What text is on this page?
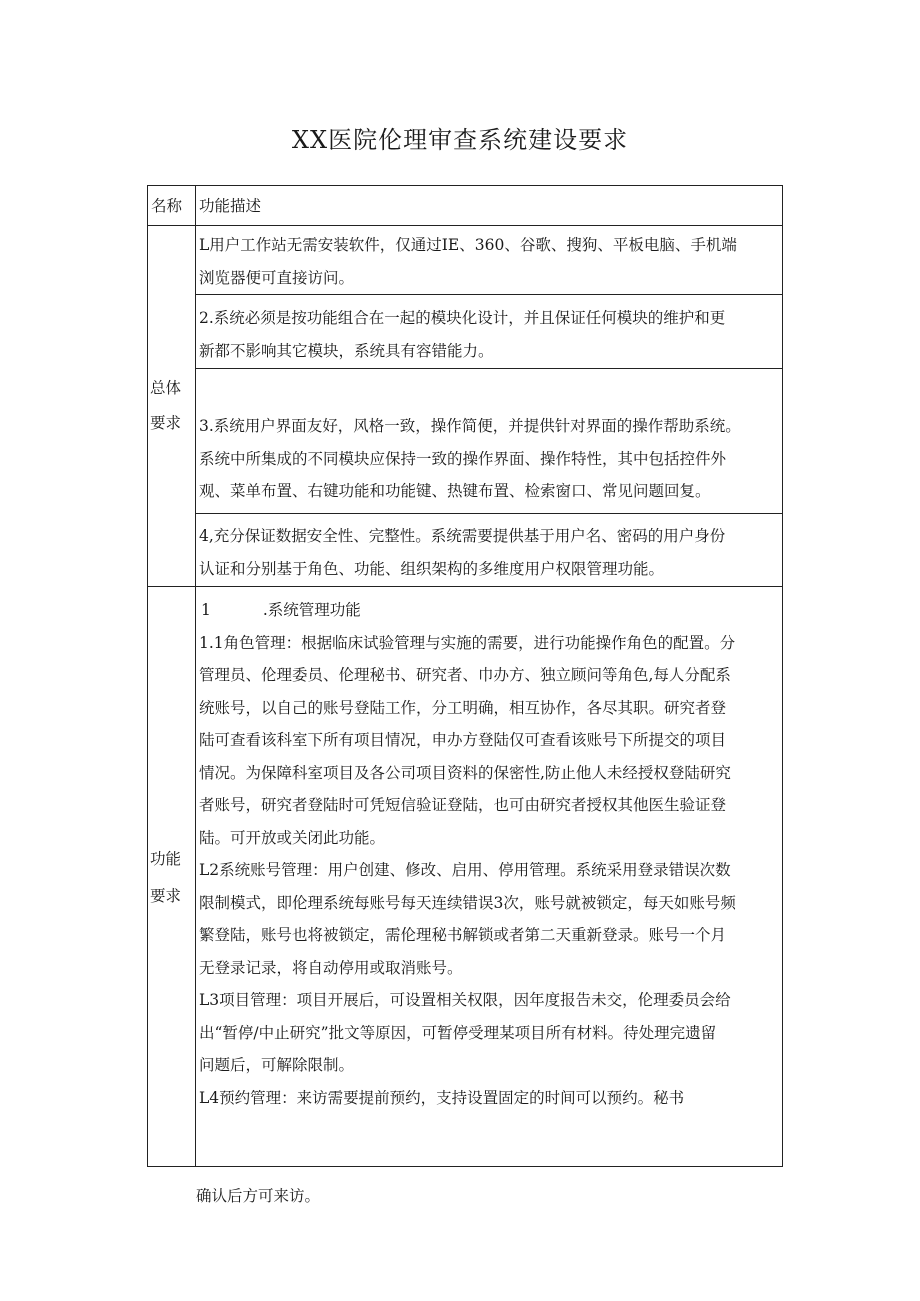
XX医院伦理审查系统建设要求
名称 功能描述
总体
要求
L用户工作站无需安装软件，仅通过IE、360、谷歌、搜狗、平板电脑、手机端
浏览器便可直接访问。
2.系统必须是按功能组合在一起的模块化设计，并且保证任何模块的维护和更
新都不影响其它模块，系统具有容错能力。
3.系统用户界面友好，风格一致，操作简便，并提供针对界面的操作帮助系统。
系统中所集成的不同模块应保持一致的操作界面、操作特性，其中包括控件外
观、菜单布置、右键功能和功能键、热键布置、检索窗口、常见问题回复。
4,充分保证数据安全性、完整性。系统需要提供基于用户名、密码的用户身份
认证和分别基于角色、功能、组织架构的多维度用户权限管理功能。
功能
要求
1	.系统管理功能
1.1角色管理：根据临床试验管理与实施的需要，进行功能操作角色的配置。分
管理员、伦理委员、伦理秘书、研究者、巾办方、独立顾问等角色,每人分配系
统账号，以自己的账号登陆工作，分工明确，相互协作，各尽其职。研究者登
陆可查看该科室下所有项目情况，申办方登陆仅可查看该账号下所提交的项目
情况。为保障科室项目及各公司项目资料的保密性,防止他人未经授权登陆研究
者账号，研究者登陆时可凭短信验证登陆，也可由研究者授权其他医生验证登
陆。可开放或关闭此功能。
L2系统账号管理：用户创建、修改、启用、停用管理。系统采用登录错误次数
限制模式，即伦理系统每账号每天连续错误3次，账号就被锁定，每天如账号频
繁登陆，账号也将被锁定，需伦理秘书解锁或者第二天重新登录。账号一个月
无登录记录，将自动停用或取消账号。
L3项目管理：项目开展后，可设置相关权限，因年度报告未交，伦理委员会给
出“暂停/中止研究”批文等原因，可暂停受理某项目所有材料。待处理完遗留
问题后，可解除限制。
L4预约管理：来访需要提前预约，支持设置固定的时间可以预约。秘书
确认后方可来访。
